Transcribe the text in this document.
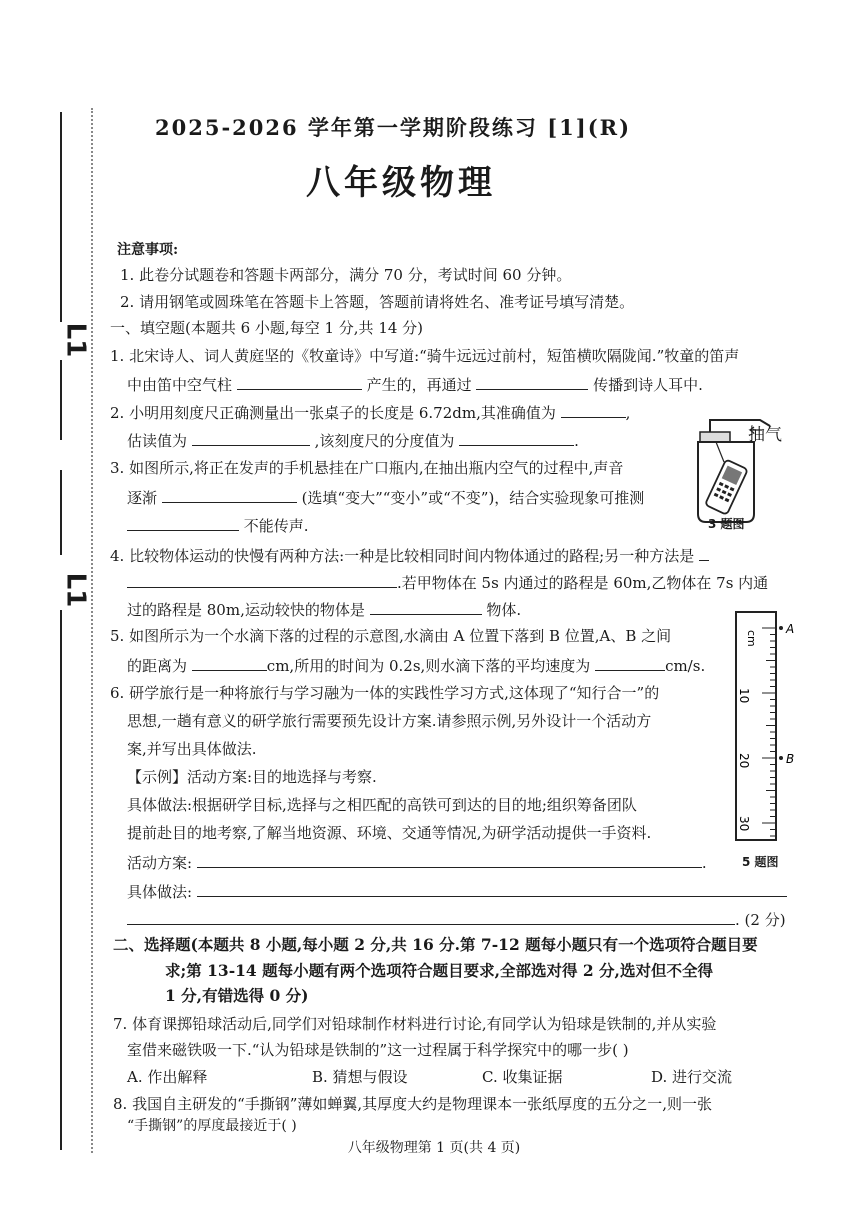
L1
L1
2025-2026 学年第一学期阶段练习 [1](R)
八年级物理
注意事项:
1. 此卷分试题卷和答题卡两部分，满分 70 分，考试时间 60 分钟。
2. 请用钢笔或圆珠笔在答题卡上答题，答题前请将姓名、准考证号填写清楚。
一、填空题(本题共 6 小题,每空 1 分,共 14 分)
1. 北宋诗人、词人黄庭坚的《牧童诗》中写道:“骑牛远远过前村，短笛横吹隔陇闻.”牧童的笛声
中由笛中空气柱	产生的，再通过	传播到诗人耳中.
2. 小明用刻度尺正确测量出一张桌子的长度是 6.72dm,其准确值为	,
估读值为	,该刻度尺的分度值为	.
3. 如图所示,将正在发声的手机悬挂在广口瓶内,在抽出瓶内空气的过程中,声音
逐渐	(选填“变大”“变小”或“不变”)，结合实验现象可推测
不能传声.
抽气
3 题图
4. 比较物体运动的快慢有两种方法:一种是比较相同时间内物体通过的路程;另一种方法是
.若甲物体在 5s 内通过的路程是 60m,乙物体在 7s 内通
过的路程是 80m,运动较快的物体是	物体.
5. 如图所示为一个水滴下落的过程的示意图,水滴由 A 位置下落到 B 位置,A、B 之间
的距离为	cm,所用的时间为 0.2s,则水滴下落的平均速度为	cm/s.
cm
10
20
30
A
B
5 题图
6. 研学旅行是一种将旅行与学习融为一体的实践性学习方式,这体现了“知行合一”的
思想,一趟有意义的研学旅行需要预先设计方案.请参照示例,另外设计一个活动方
案,并写出具体做法.
【示例】活动方案:目的地选择与考察.
具体做法:根据研学目标,选择与之相匹配的高铁可到达的目的地;组织筹备团队
提前赴目的地考察,了解当地资源、环境、交通等情况,为研学活动提供一手资料.
活动方案:	.
具体做法:
. (2 分)
二、选择题(本题共 8 小题,每小题 2 分,共 16 分.第 7-12 题每小题只有一个选项符合题目要
求;第 13-14 题每小题有两个选项符合题目要求,全部选对得 2 分,选对但不全得
1 分,有错选得 0 分)
7. 体育课掷铅球活动后,同学们对铅球制作材料进行讨论,有同学认为铅球是铁制的,并从实验
室借来磁铁吸一下.“认为铅球是铁制的”这一过程属于科学探究中的哪一步( )
A. 作出解释	B. 猜想与假设	C. 收集证据	D. 进行交流
8. 我国自主研发的“手撕钢”薄如蝉翼,其厚度大约是物理课本一张纸厚度的五分之一,则一张
“手撕钢”的厚度最接近于( )
八年级物理第 1 页(共 4 页)
